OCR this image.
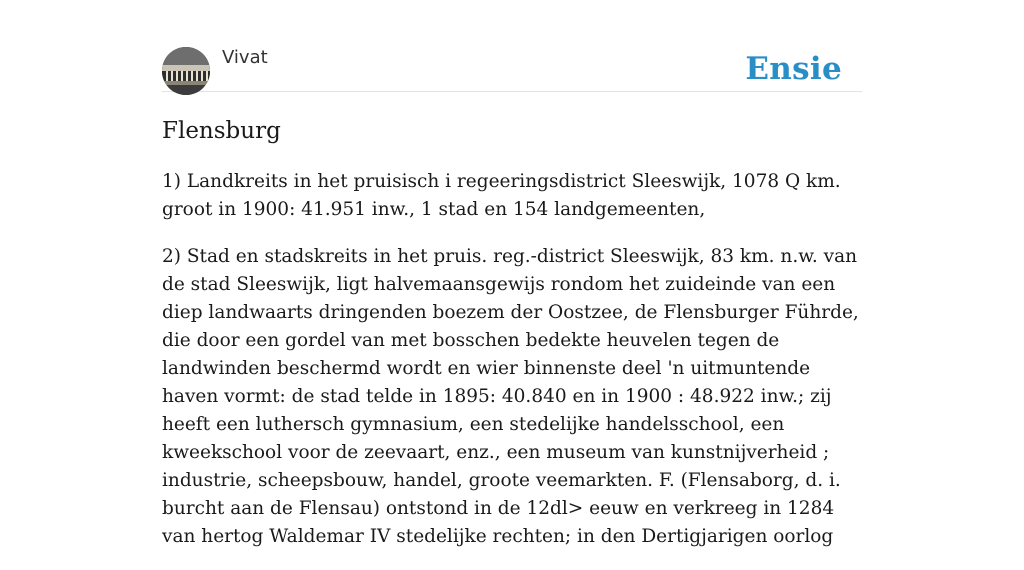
Vivat	Ensie
Flensburg

1) Landkreits in het pruisisch i regeeringsdistrict Sleeswijk, 1078 Q km. groot in 1900: 41.951 inw., 1 stad en 154 landgemeenten,

2) Stad en stadskreits in het pruis. reg.-district Sleeswijk, 83 km. n.w. van de stad Sleeswijk, ligt halvemaansgewijs rondom het zuideinde van een diep landwaarts dringenden boezem der Oostzee, de Flensburger Führde, die door een gordel van met bosschen bedekte heuvelen tegen de landwinden beschermd wordt en wier binnenste deel 'n uitmuntende haven vormt: de stad telde in 1895: 40.840 en in 1900 : 48.922 inw.; zij heeft een luthersch gymnasium, een stedelijke handelsschool, een kweekschool voor de zeevaart, enz., een museum van kunstnijverheid ; industrie, scheepsbouw, handel, groote veemarkten. F. (Flensaborg, d. i. burcht aan de Flensau) ontstond in de 12dl> eeuw en verkreeg in 1284 van hertog Waldemar IV stedelijke rechten; in den Dertigjarigen oorlog
